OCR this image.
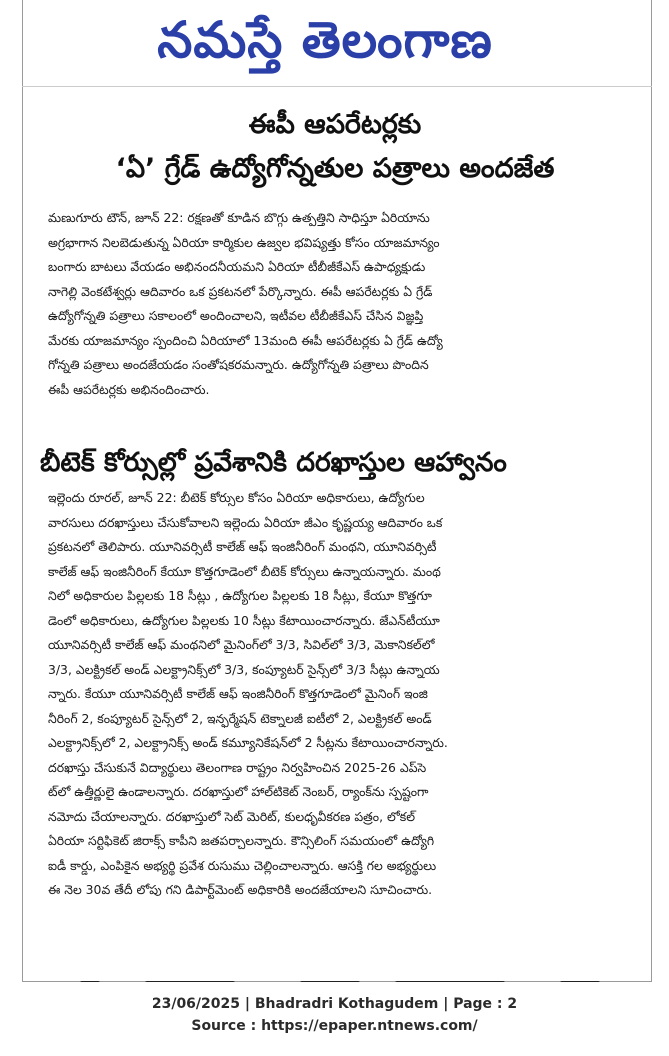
నమస్తే తెలంగాణ
ఈపీ ఆపరేటర్లకు
‘ఏ’ గ్రేడ్ ఉద్యోగోన్నతుల పత్రాలు అందజేత
మణుగూరు టౌన్, జూన్ 22: రక్షణతో కూడిన బొగ్గు ఉత్పత్తిని సాధిస్తూ ఏరియాను
అగ్రభాగాన నిలబెడుతున్న ఏరియా కార్మికుల ఉజ్వల భవిష్యత్తు కోసం యాజమాన్యం
బంగారు బాటలు వేయడం అభినందనీయమని ఏరియా టీబీజీకేఎస్ ఉపాధ్యక్షుడు
నాగెల్లి వెంకటేశ్వర్లు ఆదివారం ఒక ప్రకటనలో పేర్కొన్నారు. ఈపీ ఆపరేటర్లకు ఏ గ్రేడ్
ఉద్యోగోన్నతి పత్రాలు సకాలంలో అందించాలని, ఇటీవల టీబీజీకేఎస్ చేసిన విజ్ఞప్తి
మేరకు యాజమాన్యం స్పందించి ఏరియాలో 13మంది ఈపీ ఆపరేటర్లకు ఏ గ్రేడ్ ఉద్యో
గోన్నతి పత్రాలు అందజేయడం సంతోషకరమన్నారు. ఉద్యోగోన్నతి పత్రాలు పొందిన
ఈపీ ఆపరేటర్లకు అభినందించారు.
బీటెక్ కోర్సుల్లో ప్రవేశానికి దరఖాస్తుల ఆహ్వానం
ఇల్లెందు రూరల్, జూన్ 22: బీటెక్ కోర్సుల కోసం ఏరియా అధికారులు, ఉద్యోగుల
వారసులు దరఖాస్తులు చేసుకోవాలని ఇల్లెందు ఏరియా జీఎం కృష్ణయ్య ఆదివారం ఒక
ప్రకటనలో తెలిపారు. యూనివర్సిటీ కాలేజ్ ఆఫ్ ఇంజినీరింగ్ మంథని, యూనివర్సిటీ
కాలేజ్ ఆఫ్ ఇంజినీరింగ్ కేయూ కొత్తగూడెంలో బీటెక్ కోర్సులు ఉన్నాయన్నారు. మంథ
నిలో అధికారుల పిల్లలకు 18 సీట్లు , ఉద్యోగుల పిల్లలకు 18 సీట్లు, కేయూ కొత్తగూ
డెంలో అధికారులు, ఉద్యోగుల పిల్లలకు 10 సీట్లు కేటాయించారన్నారు. జేఎన్‌టీయూ
యూనివర్సిటీ కాలేజ్ ఆఫ్ మంథనిలో మైనింగ్‌లో 3/3, సివిల్‌లో 3/3, మెకానికల్‌లో
3/3, ఎలక్ట్రికల్ అండ్ ఎలక్ట్రానిక్స్‌లో 3/3, కంప్యూటర్ సైన్స్‌లో 3/3 సీట్లు ఉన్నాయ
న్నారు. కేయూ యూనివర్సిటీ కాలేజ్ ఆఫ్ ఇంజినీరింగ్ కొత్తగూడెంలో మైనింగ్ ఇంజి
నీరింగ్ 2, కంప్యూటర్ సైన్స్‌లో 2, ఇన్ఫర్మేషన్ టెక్నాలజీ ఐటీలో 2, ఎలక్ట్రికల్ అండ్
ఎలక్ట్రానిక్స్‌లో 2, ఎలక్ట్రానిక్స్ అండ్ కమ్యూనికేషన్‌లో 2 సీట్లను కేటాయించారన్నారు.
దరఖాస్తు చేసుకునే విద్యార్థులు తెలంగాణ రాష్ట్రం నిర్వహించిన 2025-26 ఎప్‌సె
ట్‌లో ఉత్తీర్ణులై ఉండాలన్నారు. దరఖాస్తులో హాల్‌టికెట్ నెంబర్, ర్యాంక్‌ను స్పష్టంగా
నమోదు చేయాలన్నారు. దరఖాస్తులో సెట్ మెరిట్, కులధృవీకరణ పత్రం, లోకల్
ఏరియా సర్టిఫికెట్ జిరాక్స్ కాపీని జతపర్చాలన్నారు. కౌన్సిలింగ్ సమయంలో ఉద్యోగి
ఐడీ కార్డు, ఎంపికైన అభ్యర్థి ప్రవేశ రుసుము చెల్లించాలన్నారు. ఆసక్తి గల అభ్యర్థులు
ఈ నెల 30వ తేదీ లోపు గని డిపార్ట్‌మెంట్ అధికారికి అందజేయాలని సూచించారు.

23/06/2025 | Bhadradri Kothagudem | Page : 2
Source : https://epaper.ntnews.com/
